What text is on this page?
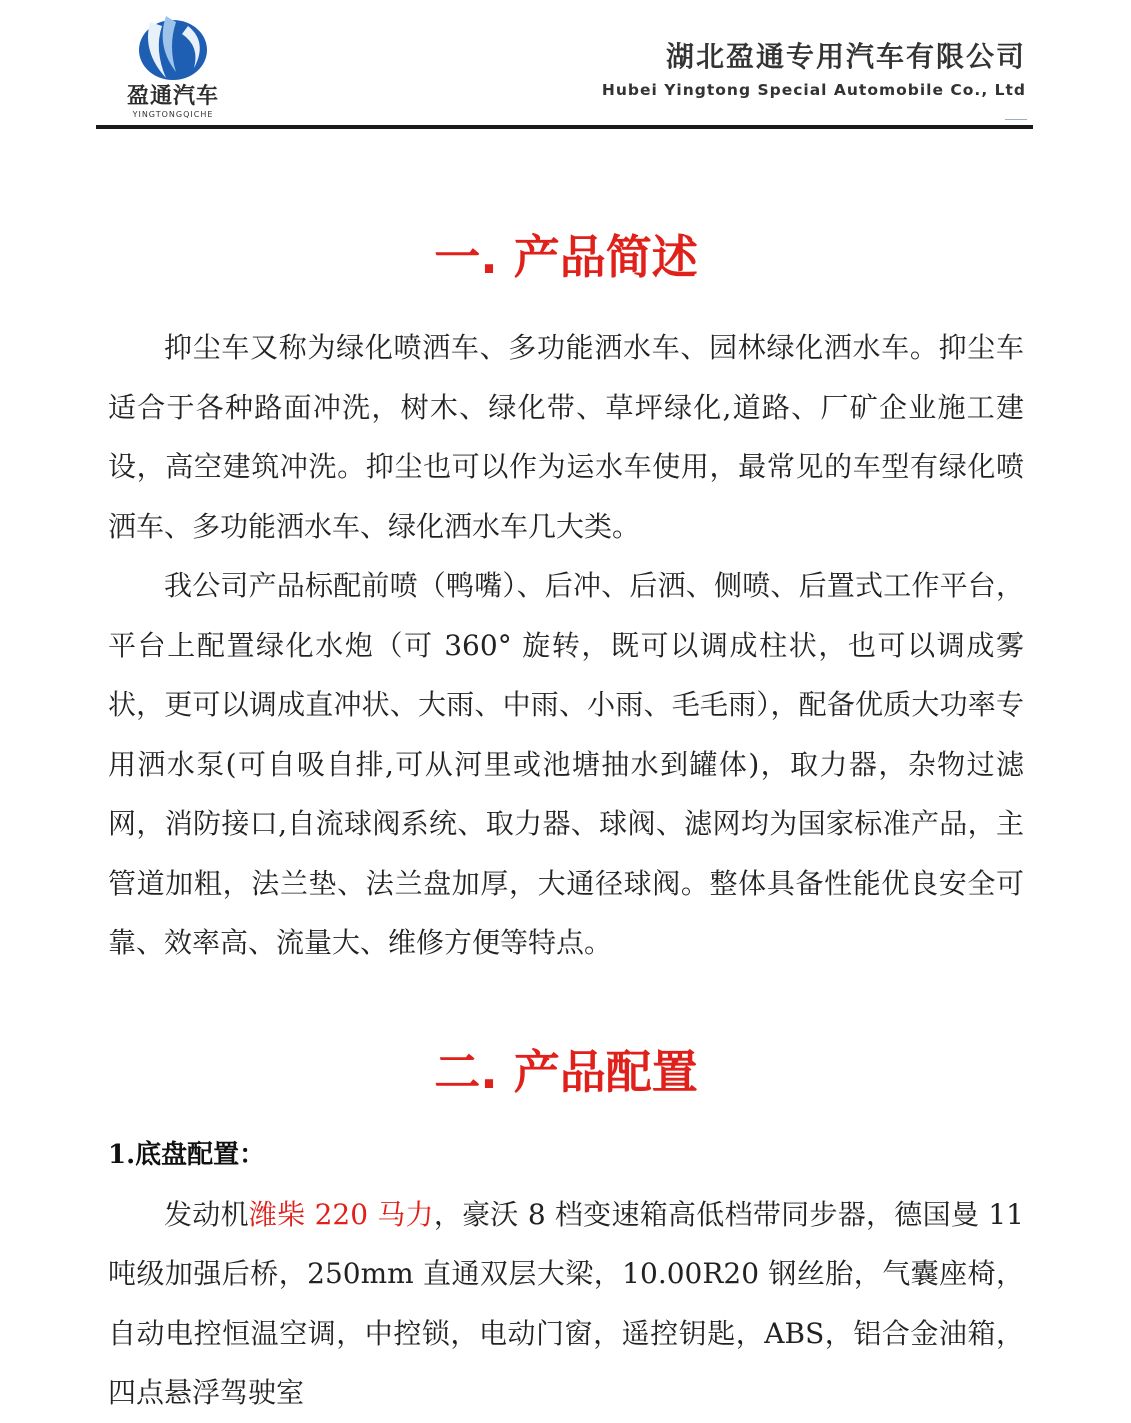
盈通汽车
YINGTONGQICHE
湖北盈通专用汽车有限公司
Hubei Yingtong Special Automobile Co., Ltd
一. 产品简述

抑尘车又称为绿化喷洒车、多功能洒水车、园林绿化洒水车。抑尘车适合于各种路面冲洗，树木、绿化带、草坪绿化,道路、厂矿企业施工建设，高空建筑冲洗。抑尘也可以作为运水车使用，最常见的车型有绿化喷洒车、多功能洒水车、绿化洒水车几大类。

我公司产品标配前喷（鸭嘴）、后冲、后洒、侧喷、后置式工作平台，平台上配置绿化水炮（可 360° 旋转，既可以调成柱状，也可以调成雾状，更可以调成直冲状、大雨、中雨、小雨、毛毛雨），配备优质大功率专用洒水泵(可自吸自排,可从河里或池塘抽水到罐体)，取力器，杂物过滤网，消防接口,自流球阀系统、取力器、球阀、滤网均为国家标准产品，主管道加粗，法兰垫、法兰盘加厚，大通径球阀。整体具备性能优良安全可靠、效率高、流量大、维修方便等特点。

二. 产品配置
1.底盘配置：

发动机潍柴 220 马力，豪沃 8 档变速箱高低档带同步器，德国曼 11 吨级加强后桥，250mm 直通双层大梁，10.00R20 钢丝胎，气囊座椅，自动电控恒温空调，中控锁，电动门窗，遥控钥匙，ABS，铝合金油箱，四点悬浮驾驶室
